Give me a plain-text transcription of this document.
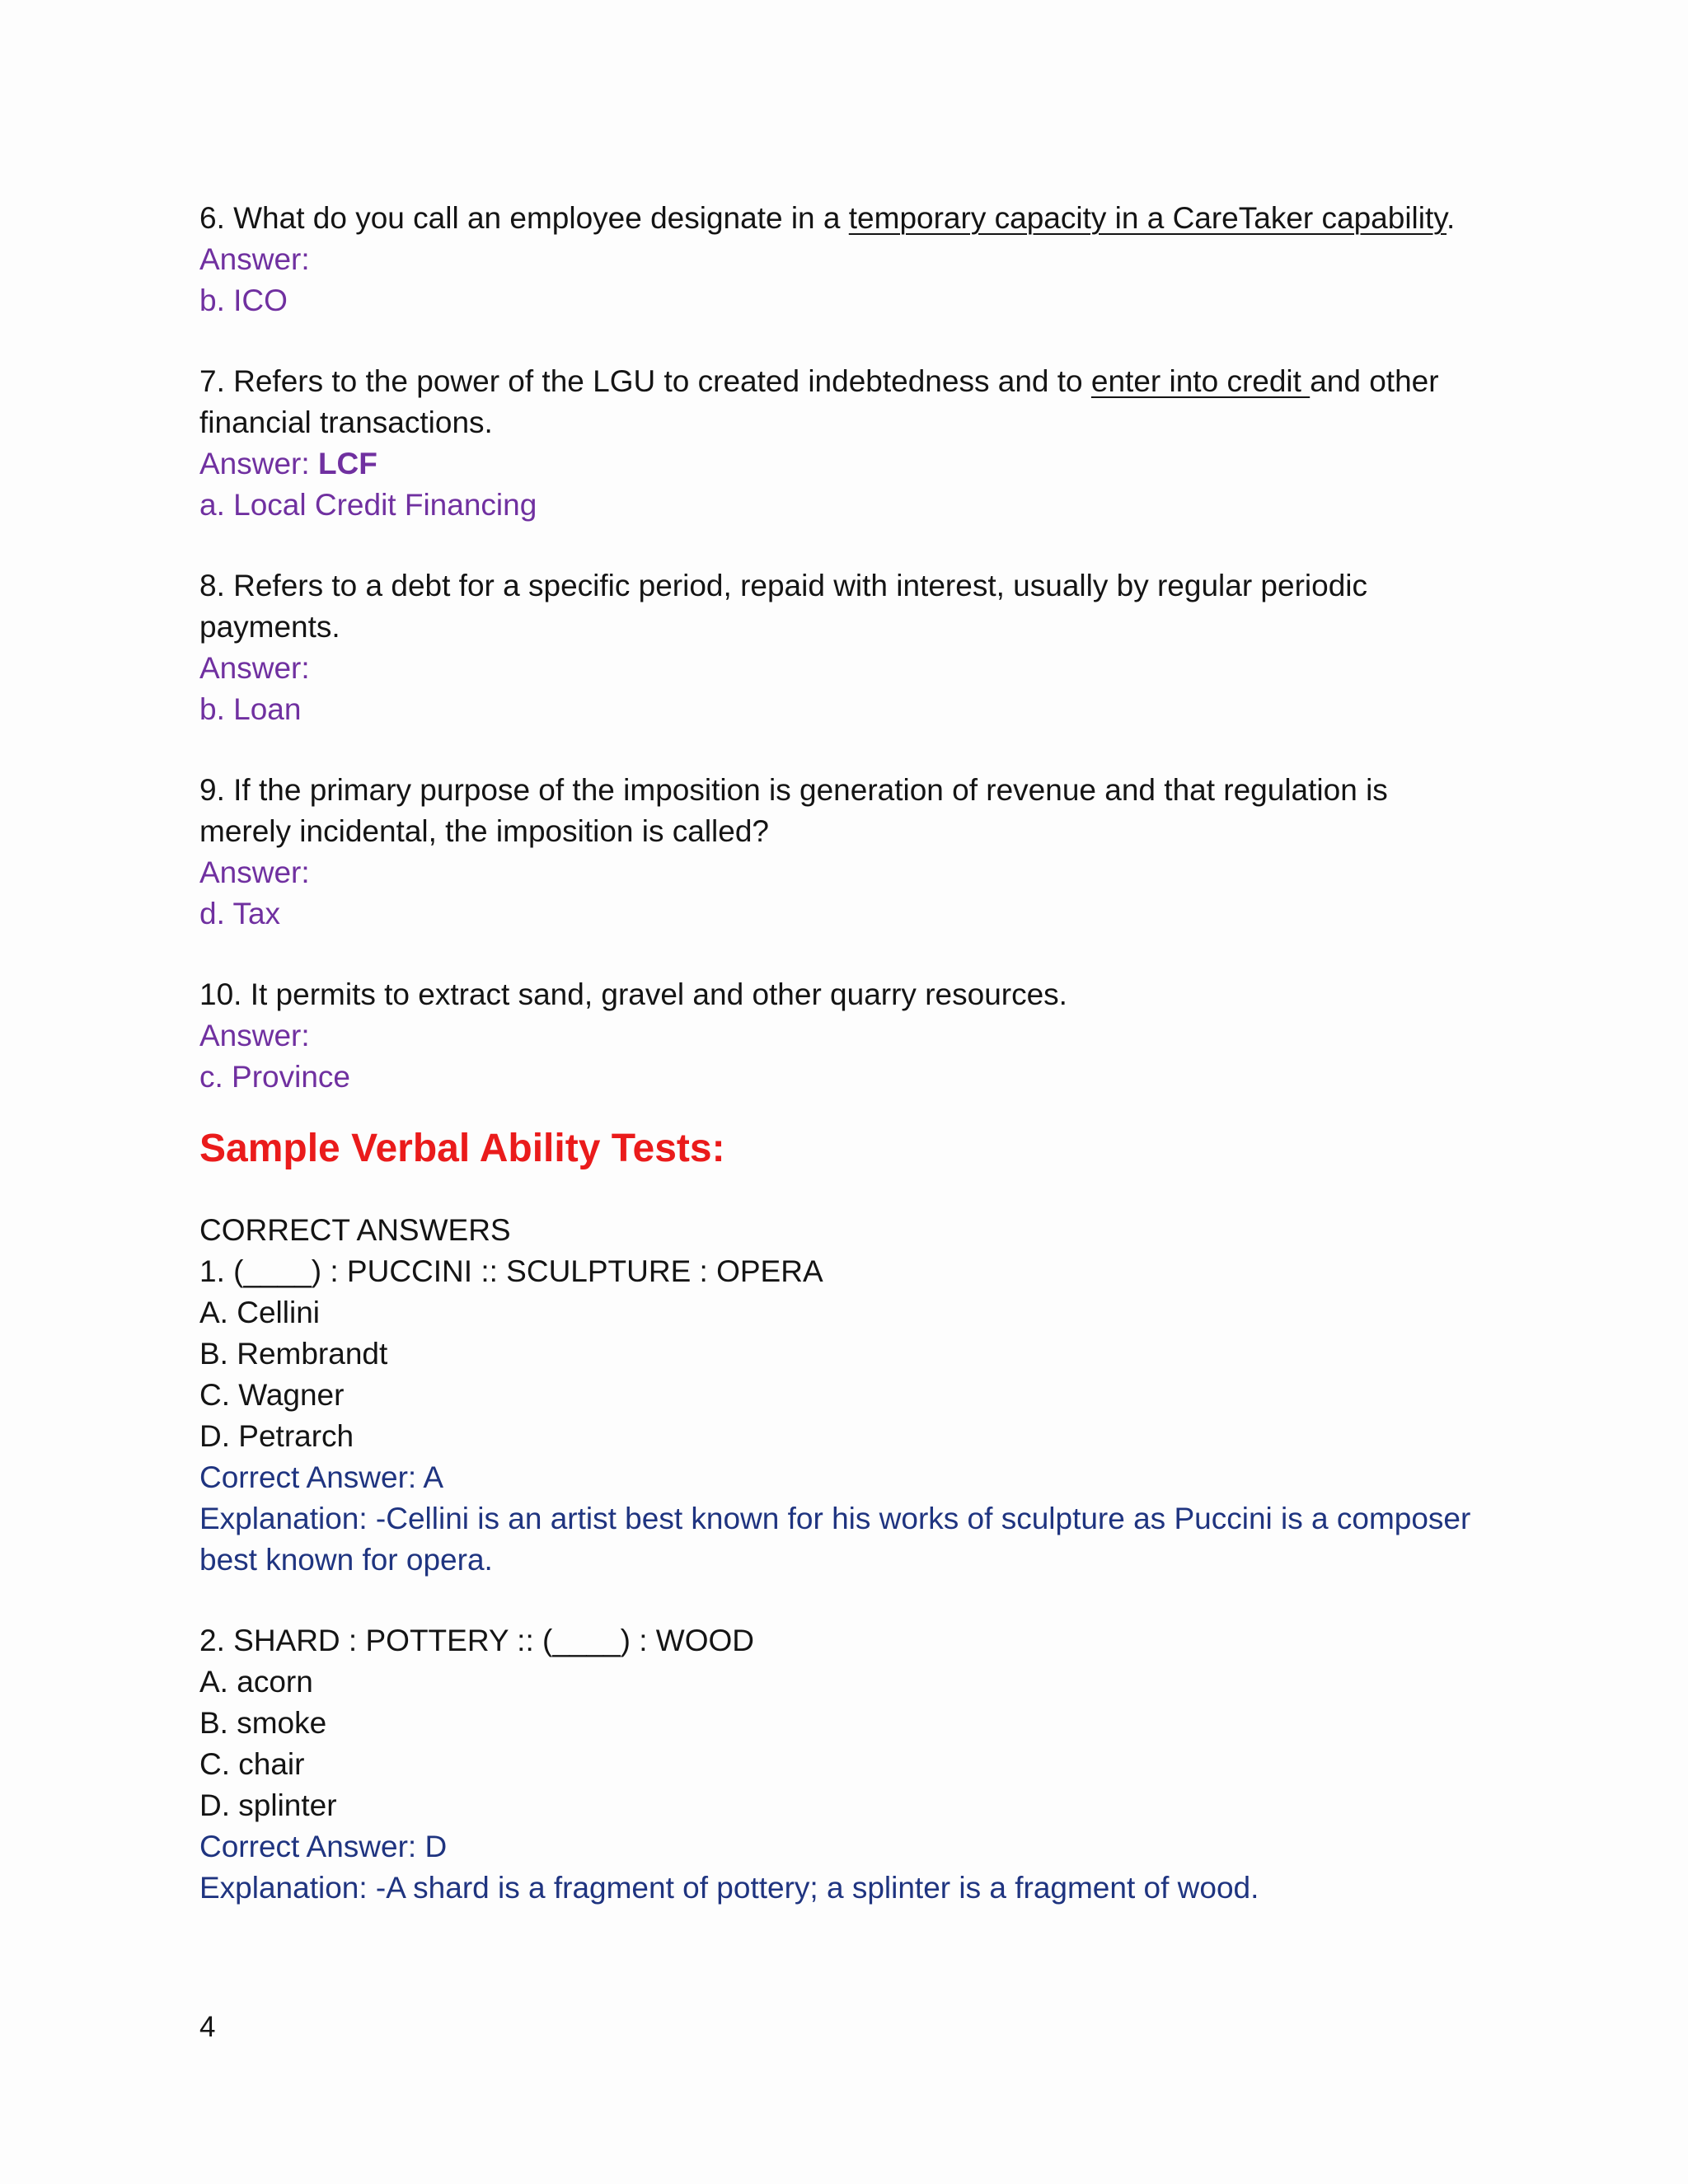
6. What do you call an employee designate in a temporary capacity in a CareTaker capability.
Answer:
b. ICO
7. Refers to the power of the LGU to created indebtedness and to enter into credit and other
financial transactions.
Answer: LCF
a. Local Credit Financing
8. Refers to a debt for a specific period, repaid with interest, usually by regular periodic
payments.
Answer:
b. Loan
9. If the primary purpose of the imposition is generation of revenue and that regulation is
merely incidental, the imposition is called?
Answer:
d. Tax
10. It permits to extract sand, gravel and other quarry resources.
Answer:
c. Province
Sample Verbal Ability Tests:
CORRECT ANSWERS
1. (____) : PUCCINI :: SCULPTURE : OPERA
A. Cellini
B. Rembrandt
C. Wagner
D. Petrarch
Correct Answer: A
Explanation: -Cellini is an artist best known for his works of sculpture as Puccini is a composer
best known for opera.
2. SHARD : POTTERY :: (____) : WOOD
A. acorn
B. smoke
C. chair
D. splinter
Correct Answer: D
Explanation: -A shard is a fragment of pottery; a splinter is a fragment of wood.
4
